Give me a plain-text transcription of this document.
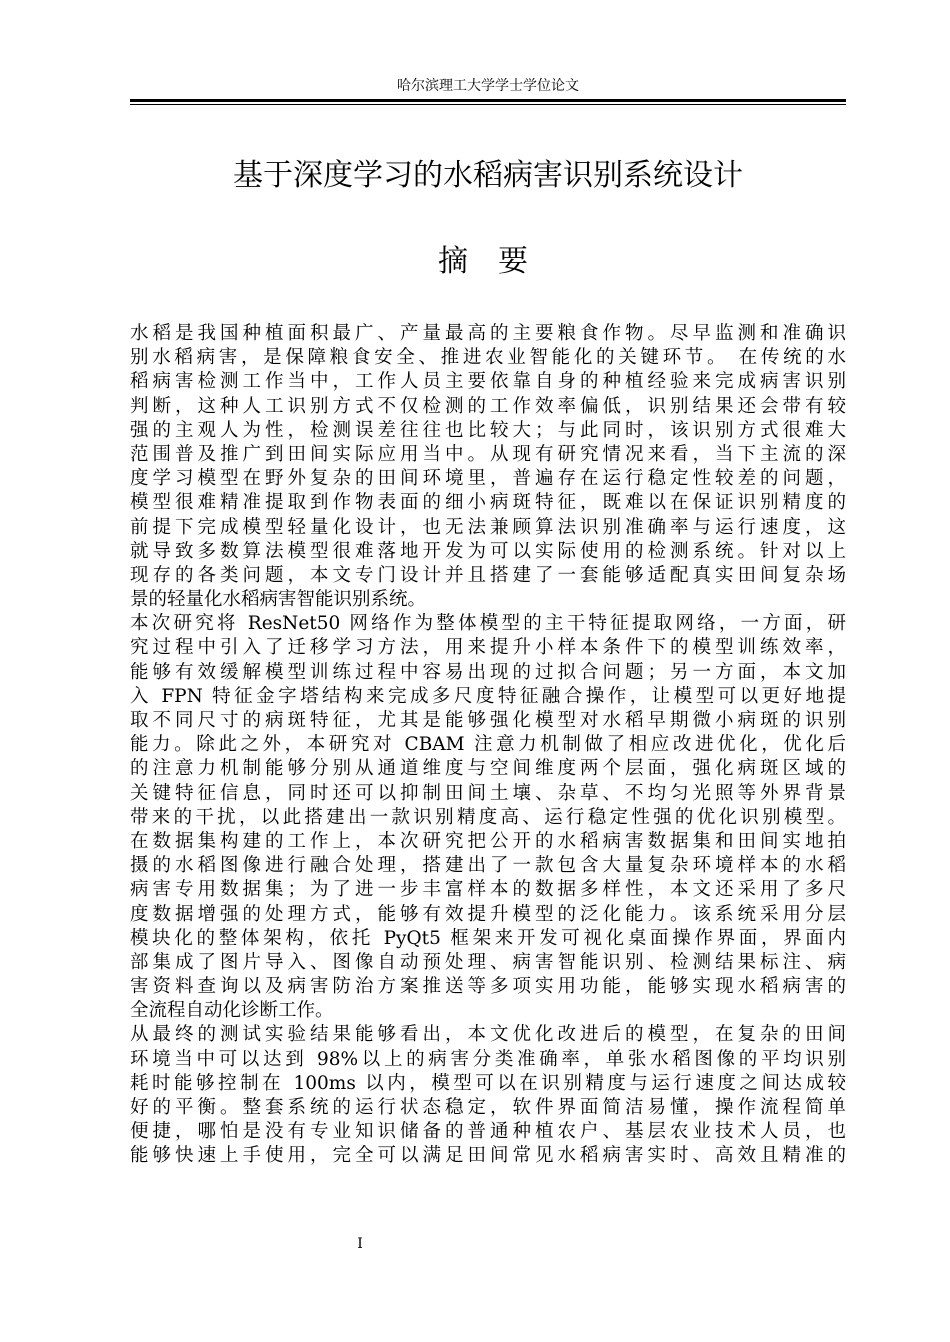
哈尔滨理工大学学士学位论文
基于深度学习的水稻病害识别系统设计
摘要
水稻是我国种植面积最广、产量最高的主要粮食作物。尽早监测和准确识
别水稻病害，是保障粮食安全、推进农业智能化的关键环节。 在传统的水
稻病害检测工作当中，工作人员主要依靠自身的种植经验来完成病害识别
判断，这种人工识别方式不仅检测的工作效率偏低，识别结果还会带有较
强的主观人为性，检测误差往往也比较大；与此同时，该识别方式很难大
范围普及推广到田间实际应用当中。从现有研究情况来看，当下主流的深
度学习模型在野外复杂的田间环境里，普遍存在运行稳定性较差的问题，
模型很难精准提取到作物表面的细小病斑特征，既难以在保证识别精度的
前提下完成模型轻量化设计，也无法兼顾算法识别准确率与运行速度，这
就导致多数算法模型很难落地开发为可以实际使用的检测系统。针对以上
现存的各类问题，本文专门设计并且搭建了一套能够适配真实田间复杂场
景的轻量化水稻病害智能识别系统。
本次研究将 ResNet50 网络作为整体模型的主干特征提取网络，一方面，研
究过程中引入了迁移学习方法，用来提升小样本条件下的模型训练效率，
能够有效缓解模型训练过程中容易出现的过拟合问题；另一方面，本文加
入 FPN 特征金字塔结构来完成多尺度特征融合操作，让模型可以更好地提
取不同尺寸的病斑特征，尤其是能够强化模型对水稻早期微小病斑的识别
能力。除此之外，本研究对 CBAM 注意力机制做了相应改进优化，优化后
的注意力机制能够分别从通道维度与空间维度两个层面，强化病斑区域的
关键特征信息，同时还可以抑制田间土壤、杂草、不均匀光照等外界背景
带来的干扰，以此搭建出一款识别精度高、运行稳定性强的优化识别模型。
在数据集构建的工作上，本次研究把公开的水稻病害数据集和田间实地拍
摄的水稻图像进行融合处理，搭建出了一款包含大量复杂环境样本的水稻
病害专用数据集；为了进一步丰富样本的数据多样性，本文还采用了多尺
度数据增强的处理方式，能够有效提升模型的泛化能力。该系统采用分层
模块化的整体架构，依托 PyQt5 框架来开发可视化桌面操作界面，界面内
部集成了图片导入、图像自动预处理、病害智能识别、检测结果标注、病
害资料查询以及病害防治方案推送等多项实用功能，能够实现水稻病害的
全流程自动化诊断工作。
从最终的测试实验结果能够看出，本文优化改进后的模型，在复杂的田间
环境当中可以达到 98%以上的病害分类准确率，单张水稻图像的平均识别
耗时能够控制在 100ms 以内，模型可以在识别精度与运行速度之间达成较
好的平衡。整套系统的运行状态稳定，软件界面简洁易懂，操作流程简单
便捷，哪怕是没有专业知识储备的普通种植农户、基层农业技术人员，也
能够快速上手使用，完全可以满足田间常见水稻病害实时、高效且精准的
I
